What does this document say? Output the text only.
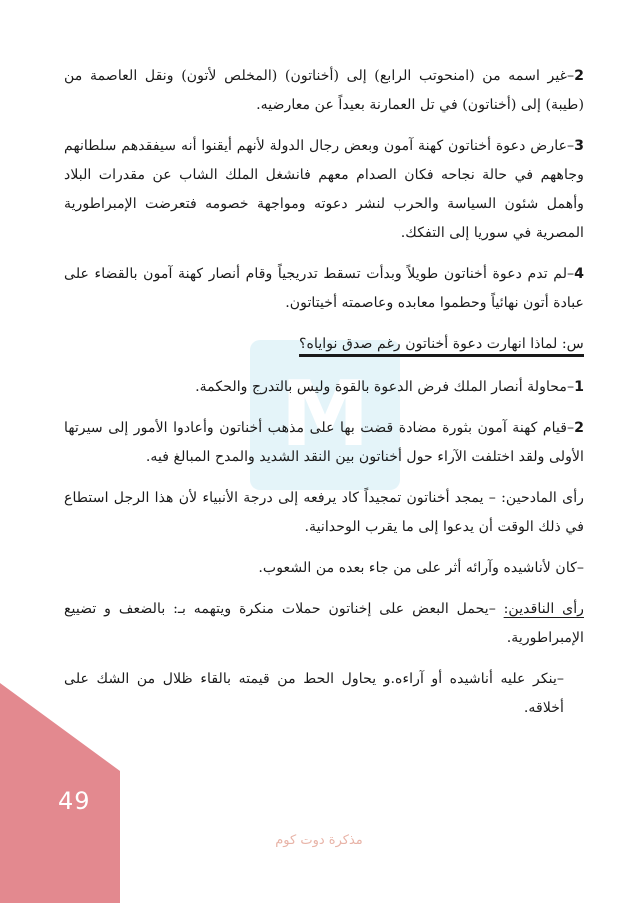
M

2–غير اسمه من (امنحوتب الرابع) إلى (أخناتون) (المخلص لأتون) ونقل العاصمة من (طيبة) إلى (أخناتون) في تل العمارنة بعيداً عن معارضيه.

3–عارض دعوة أخناتون كهنة آمون وبعض رجال الدولة لأنهم أيقنوا أنه سيفقدهم سلطانهم وجاههم في حالة نجاحه فكان الصدام معهم فانشغل الملك الشاب عن مقدرات البلاد وأهمل شئون السياسة والحرب لنشر دعوته ومواجهة خصومه فتعرضت الإمبراطورية المصرية في سوريا إلى التفكك.

4–لم تدم دعوة أخناتون طويلاً وبدأت تسقط تدريجياً وقام أنصار كهنة آمون بالقضاء على عبادة أتون نهائياً وحطموا معابده وعاصمته أخيتاتون.

س: لماذا انهارت دعوة أخناتون رغم صدق نواياه؟

1–محاولة أنصار الملك فرض الدعوة بالقوة وليس بالتدرج والحكمة.

2–قيام كهنة آمون بثورة مضادة قضت بها على مذهب أخناتون وأعادوا الأمور إلى سيرتها الأولى ولقد اختلفت الآراء حول أخناتون بين النقد الشديد والمدح المبالغ فيه.

رأى المادحين: – يمجد أخناتون تمجيداً كاد يرفعه إلى درجة الأنبياء لأن هذا الرجل استطاع في ذلك الوقت أن يدعوا إلى ما يقرب الوحدانية.

–كان لأناشيده وآرائه أثر على من جاء بعده من الشعوب.

رأى الناقدين: –يحمل البعض على إخناتون حملات منكرة ويتهمه بـ: بالضعف و تضييع الإمبراطورية.

–ينكر عليه أناشيده أو آراءه.و يحاول الحط من قيمته بالقاء ظلال من الشك على أخلاقه.

49
مذكرة دوت كوم
